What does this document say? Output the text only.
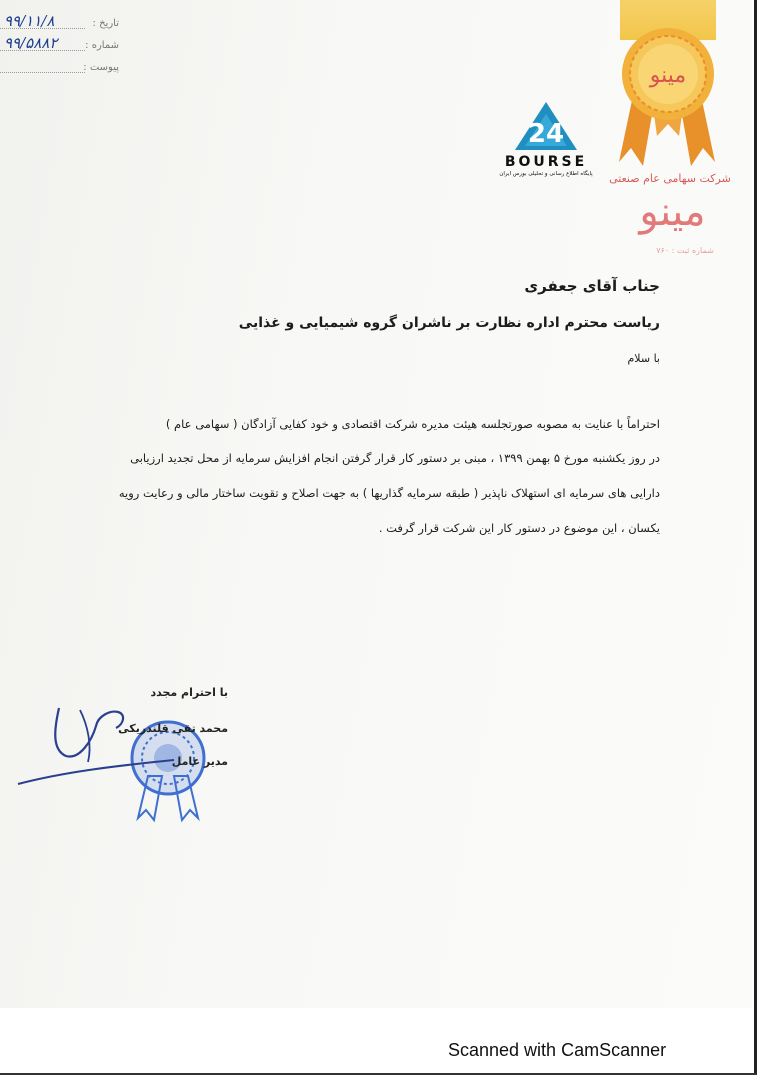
تاریخ :
۹۹/۱۱/۸
شماره :
۹۹/۵۸۸۲
پیوست :
24
BOURSE
پایگاه اطلاع رسانی و تحلیلی بورس ایران
مینو
شرکت سهامی عام صنعتی
مینو
شماره ثبت : ۷۶۰
جناب آقای جعفری
ریاست محترم اداره نظارت بر ناشران گروه شیمیایی و غذایی
با سلام
احتراماً با عنایت به مصوبه صورتجلسه هیئت مدیره شرکت اقتصادی و خود کفایی آزادگان ( سهامی عام )
در روز یکشنبه مورخ ۵ بهمن ۱۳۹۹ ، مبنی بر دستور کار قرار گرفتن انجام افزایش سرمایه از محل تجدید ارزیابی
دارایی های سرمایه ای استهلاک ناپذیر ( طبقه سرمایه گذاریها ) به جهت اصلاح و تقویت ساختار مالی و رعایت رویه
یکسان ، این موضوع در دستور کار این شرکت قرار گرفت .
با احترام مجدد
محمد تقی قلندریکی
مدیر عامل
Scanned with CamScanner
